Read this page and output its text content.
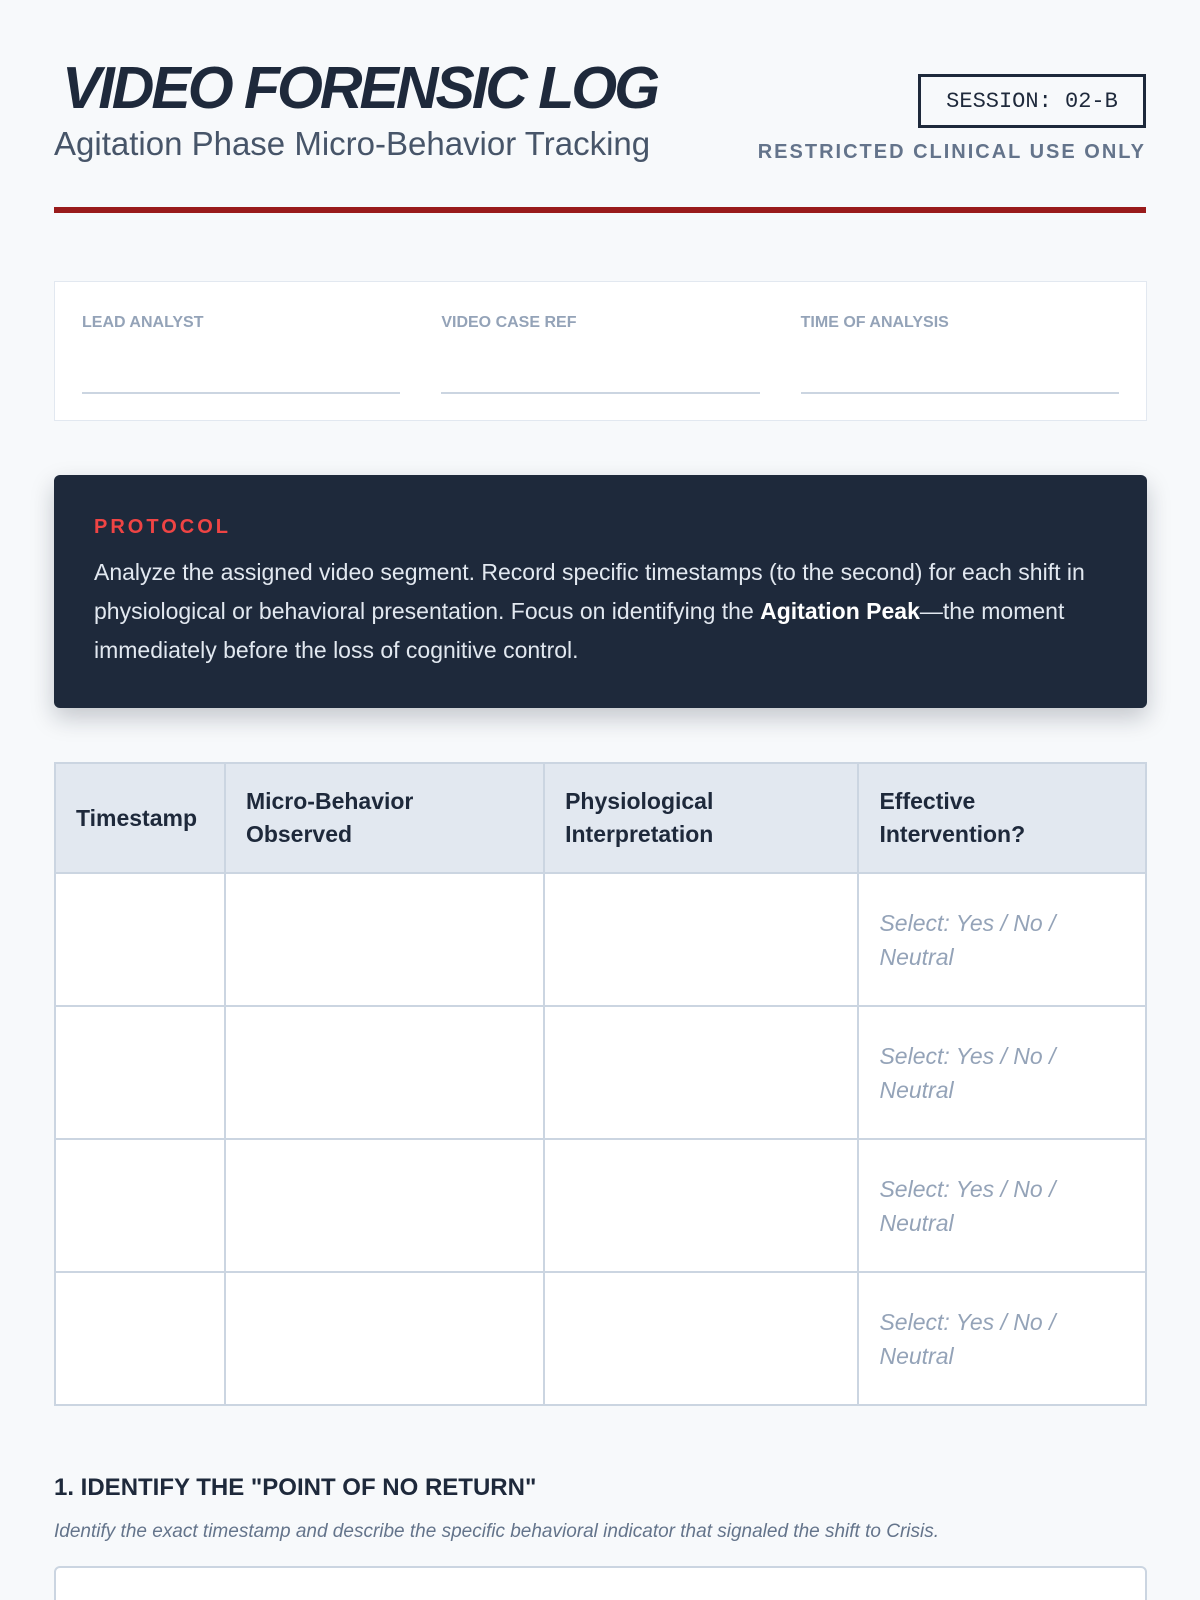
VIDEO FORENSIC LOG
Agitation Phase Micro-Behavior Tracking
SESSION: 02-B
RESTRICTED CLINICAL USE ONLY
LEAD ANALYST	VIDEO CASE REF	TIME OF ANALYSIS
PROTOCOL

Analyze the assigned video segment. Record specific timestamps (to the second) for each shift in physiological or behavioral presentation. Focus on identifying the Agitation Peak—the moment immediately before the loss of cognitive control.

Timestamp	Micro-Behavior Observed	Physiological Interpretation	Effective Intervention?
			Select: Yes / No / Neutral
			Select: Yes / No / Neutral
			Select: Yes / No / Neutral
			Select: Yes / No / Neutral
1. IDENTIFY THE "POINT OF NO RETURN"
Identify the exact timestamp and describe the specific behavioral indicator that signaled the shift to Crisis.
